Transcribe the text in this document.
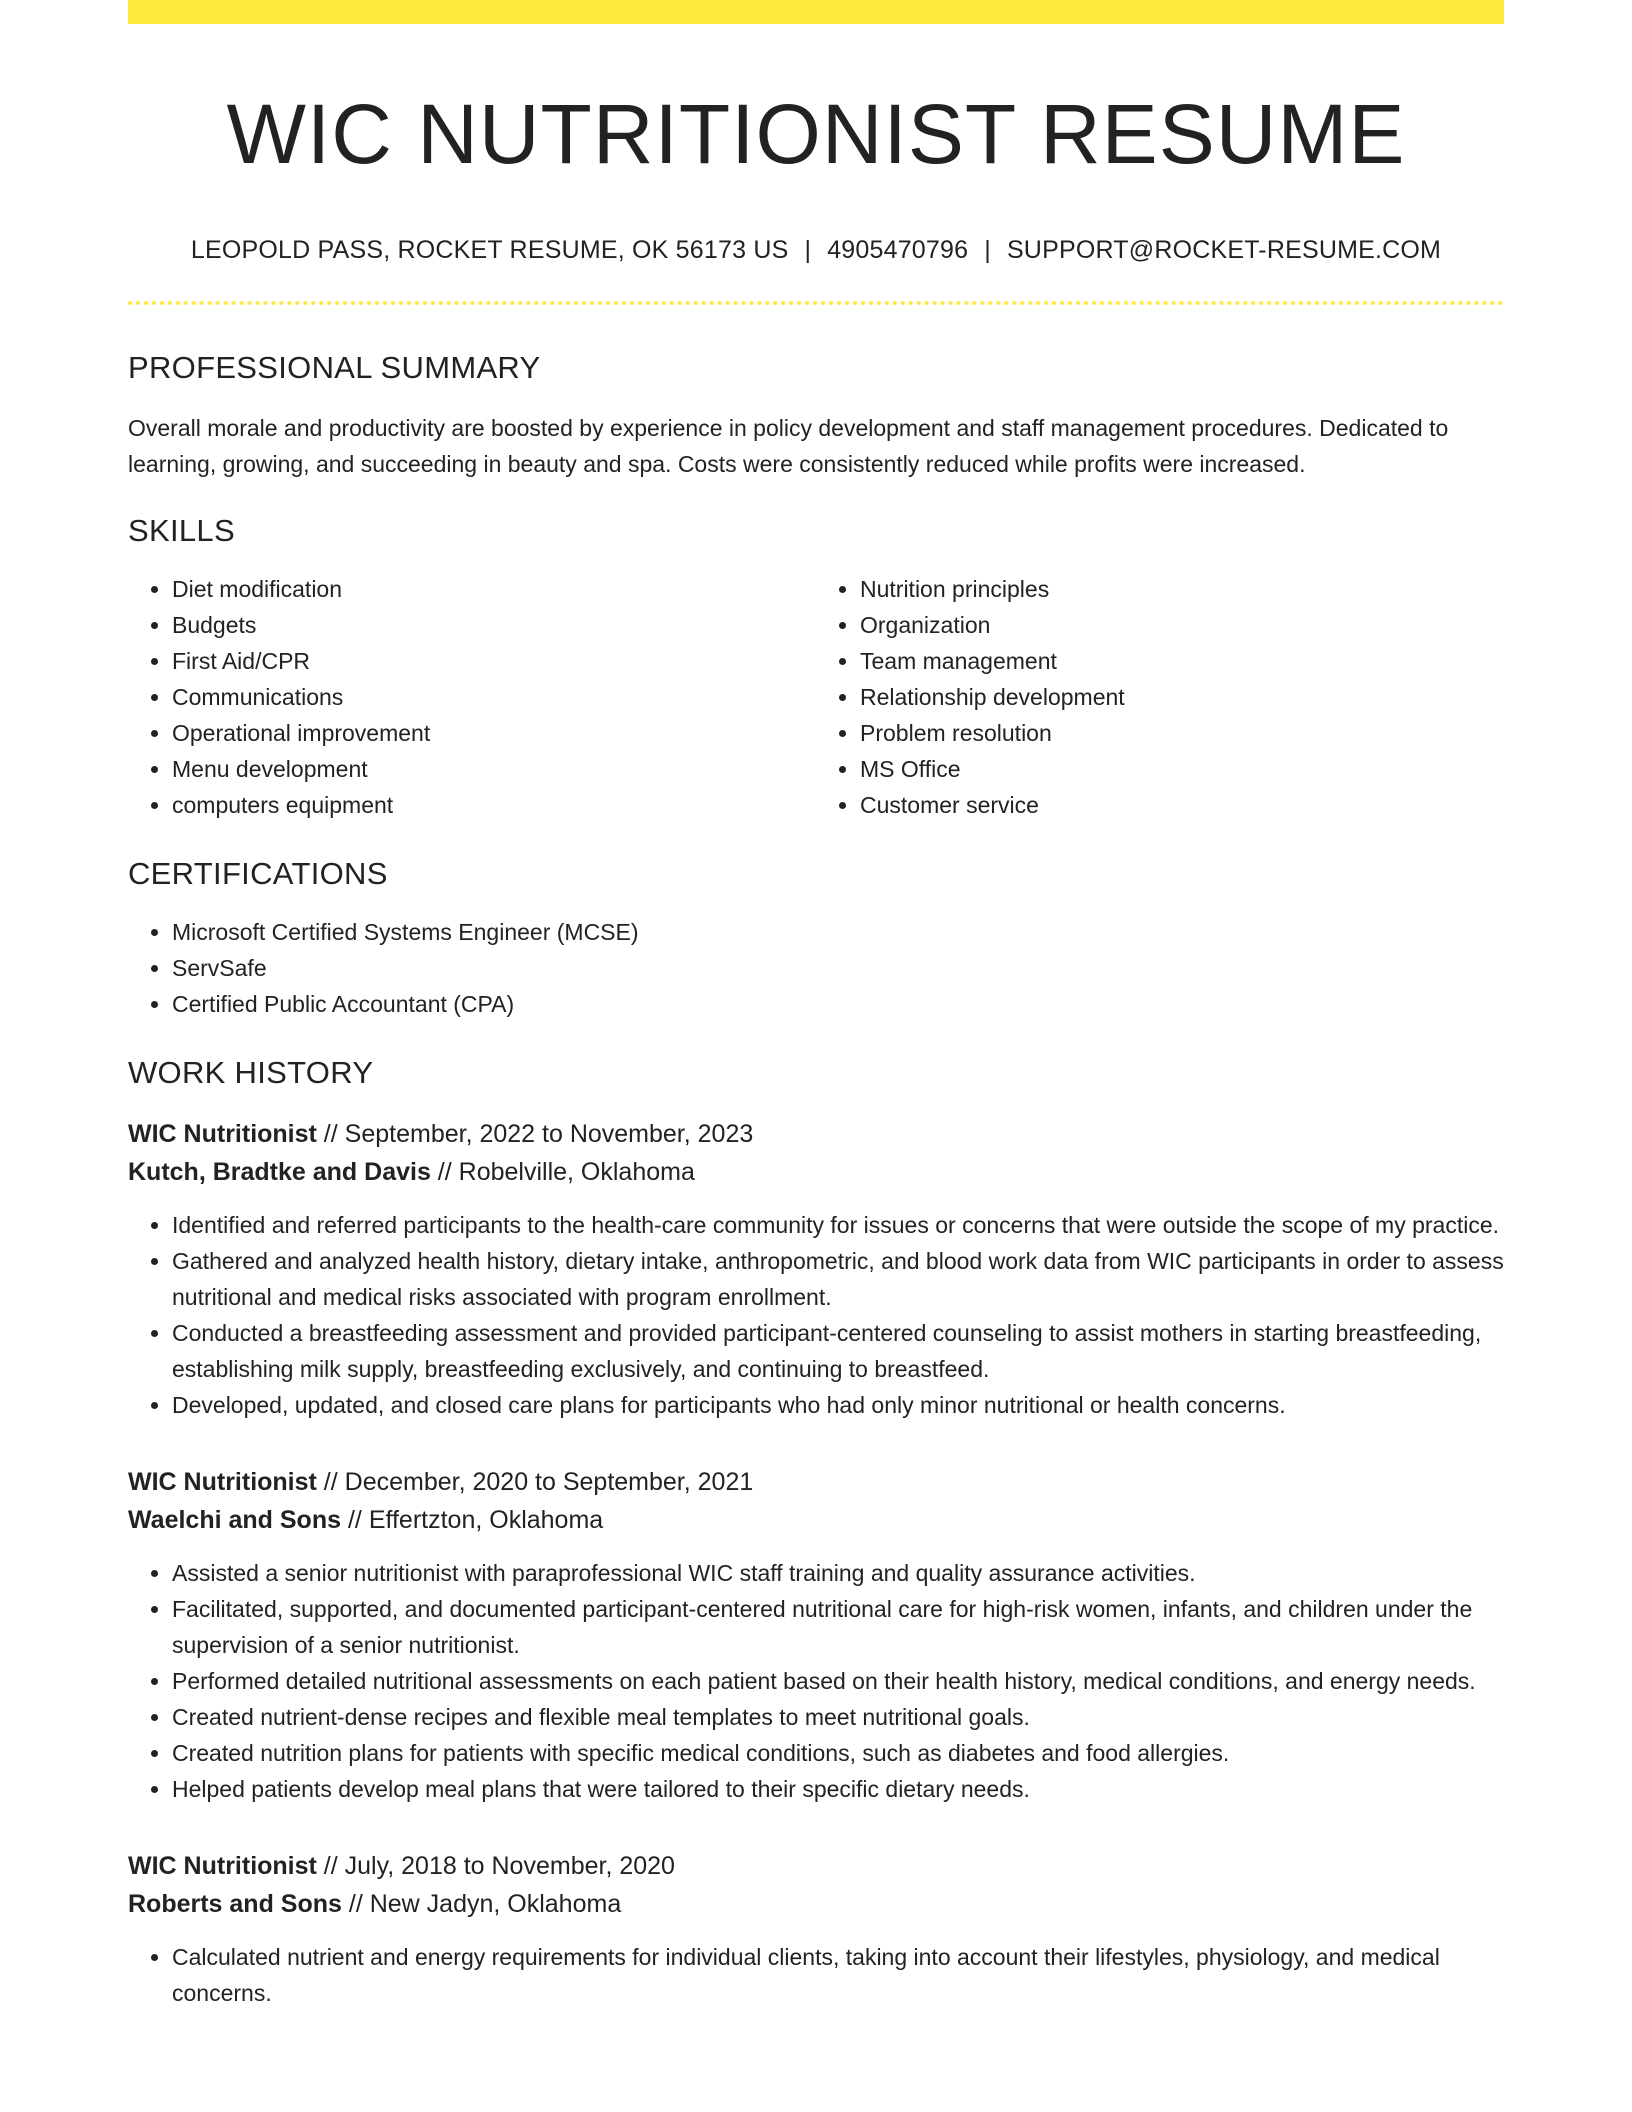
WIC NUTRITIONIST RESUME
LEOPOLD PASS, ROCKET RESUME, OK 56173 US | 4905470796 | SUPPORT@ROCKET-RESUME.COM
PROFESSIONAL SUMMARY

Overall morale and productivity are boosted by experience in policy development and staff management procedures. Dedicated to learning, growing, and succeeding in beauty and spa. Costs were consistently reduced while profits were increased.

SKILLS
• Diet modification
• Budgets
• First Aid/CPR
• Communications
• Operational improvement
• Menu development
• computers equipment
• Nutrition principles
• Organization
• Team management
• Relationship development
• Problem resolution
• MS Office
• Customer service
CERTIFICATIONS
• Microsoft Certified Systems Engineer (MCSE)
• ServSafe
• Certified Public Accountant (CPA)
WORK HISTORY
WIC Nutritionist // September, 2022 to November, 2023
Kutch, Bradtke and Davis // Robelville, Oklahoma
• Identified and referred participants to the health-care community for issues or concerns that were outside the scope of my practice.
• Gathered and analyzed health history, dietary intake, anthropometric, and blood work data from WIC participants in order to assess nutritional and medical risks associated with program enrollment.
• Conducted a breastfeeding assessment and provided participant-centered counseling to assist mothers in starting breastfeeding, establishing milk supply, breastfeeding exclusively, and continuing to breastfeed.
• Developed, updated, and closed care plans for participants who had only minor nutritional or health concerns.
WIC Nutritionist // December, 2020 to September, 2021
Waelchi and Sons // Effertzton, Oklahoma
• Assisted a senior nutritionist with paraprofessional WIC staff training and quality assurance activities.
• Facilitated, supported, and documented participant-centered nutritional care for high-risk women, infants, and children under the supervision of a senior nutritionist.
• Performed detailed nutritional assessments on each patient based on their health history, medical conditions, and energy needs.
• Created nutrient-dense recipes and flexible meal templates to meet nutritional goals.
• Created nutrition plans for patients with specific medical conditions, such as diabetes and food allergies.
• Helped patients develop meal plans that were tailored to their specific dietary needs.
WIC Nutritionist // July, 2018 to November, 2020
Roberts and Sons // New Jadyn, Oklahoma
• Calculated nutrient and energy requirements for individual clients, taking into account their lifestyles, physiology, and medical concerns.
